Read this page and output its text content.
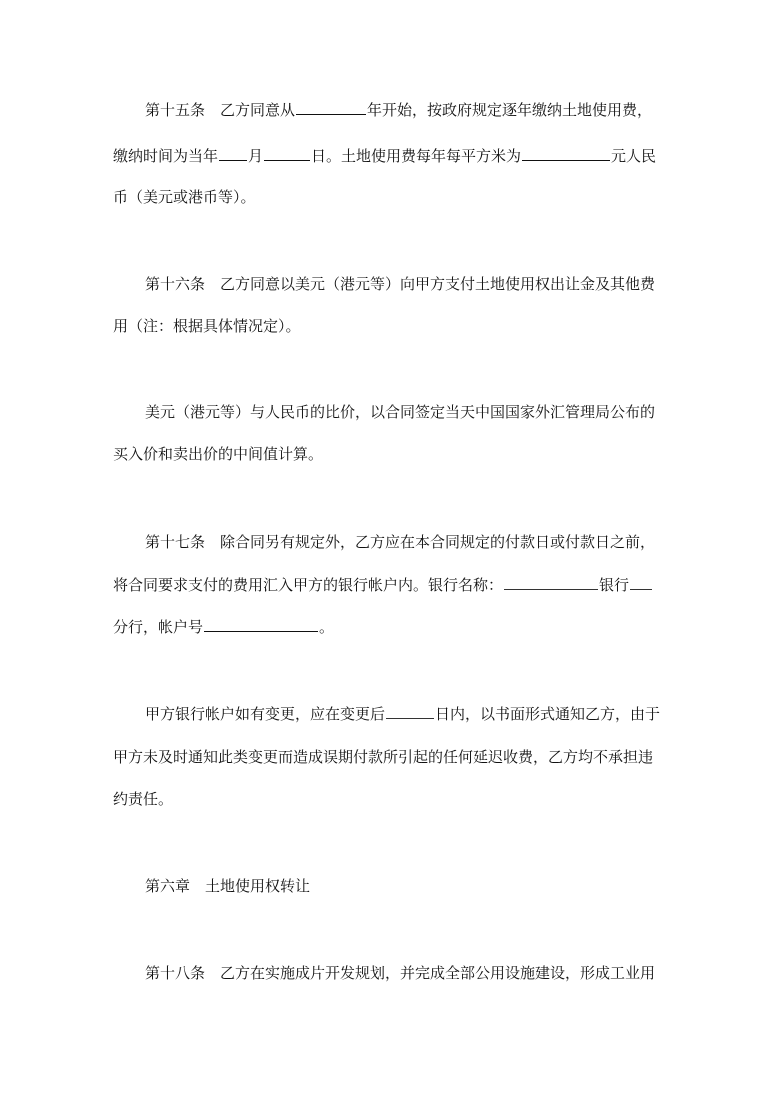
第十五条　乙方同意从	年开始，按政府规定逐年缴纳土地使用费，
缴纳时间为当年 月	日。土地使用费每年每平方米为	元人民
币（美元或港币等）。
第十六条　乙方同意以美元（港元等）向甲方支付土地使用权出让金及其他费
用（注：根据具体情况定）。
美元（港元等）与人民币的比价，以合同签定当天中国国家外汇管理局公布的
买入价和卖出价的中间值计算。
第十七条　除合同另有规定外，乙方应在本合同规定的付款日或付款日之前，
将合同要求支付的费用汇入甲方的银行帐户内。银行名称：	银行
分行，帐户号	。
甲方银行帐户如有变更，应在变更后	日内，以书面形式通知乙方，由于
甲方未及时通知此类变更而造成误期付款所引起的任何延迟收费，乙方均不承担违
约责任。
第六章　土地使用权转让
第十八条　乙方在实施成片开发规划，并完成全部公用设施建设，形成工业用
